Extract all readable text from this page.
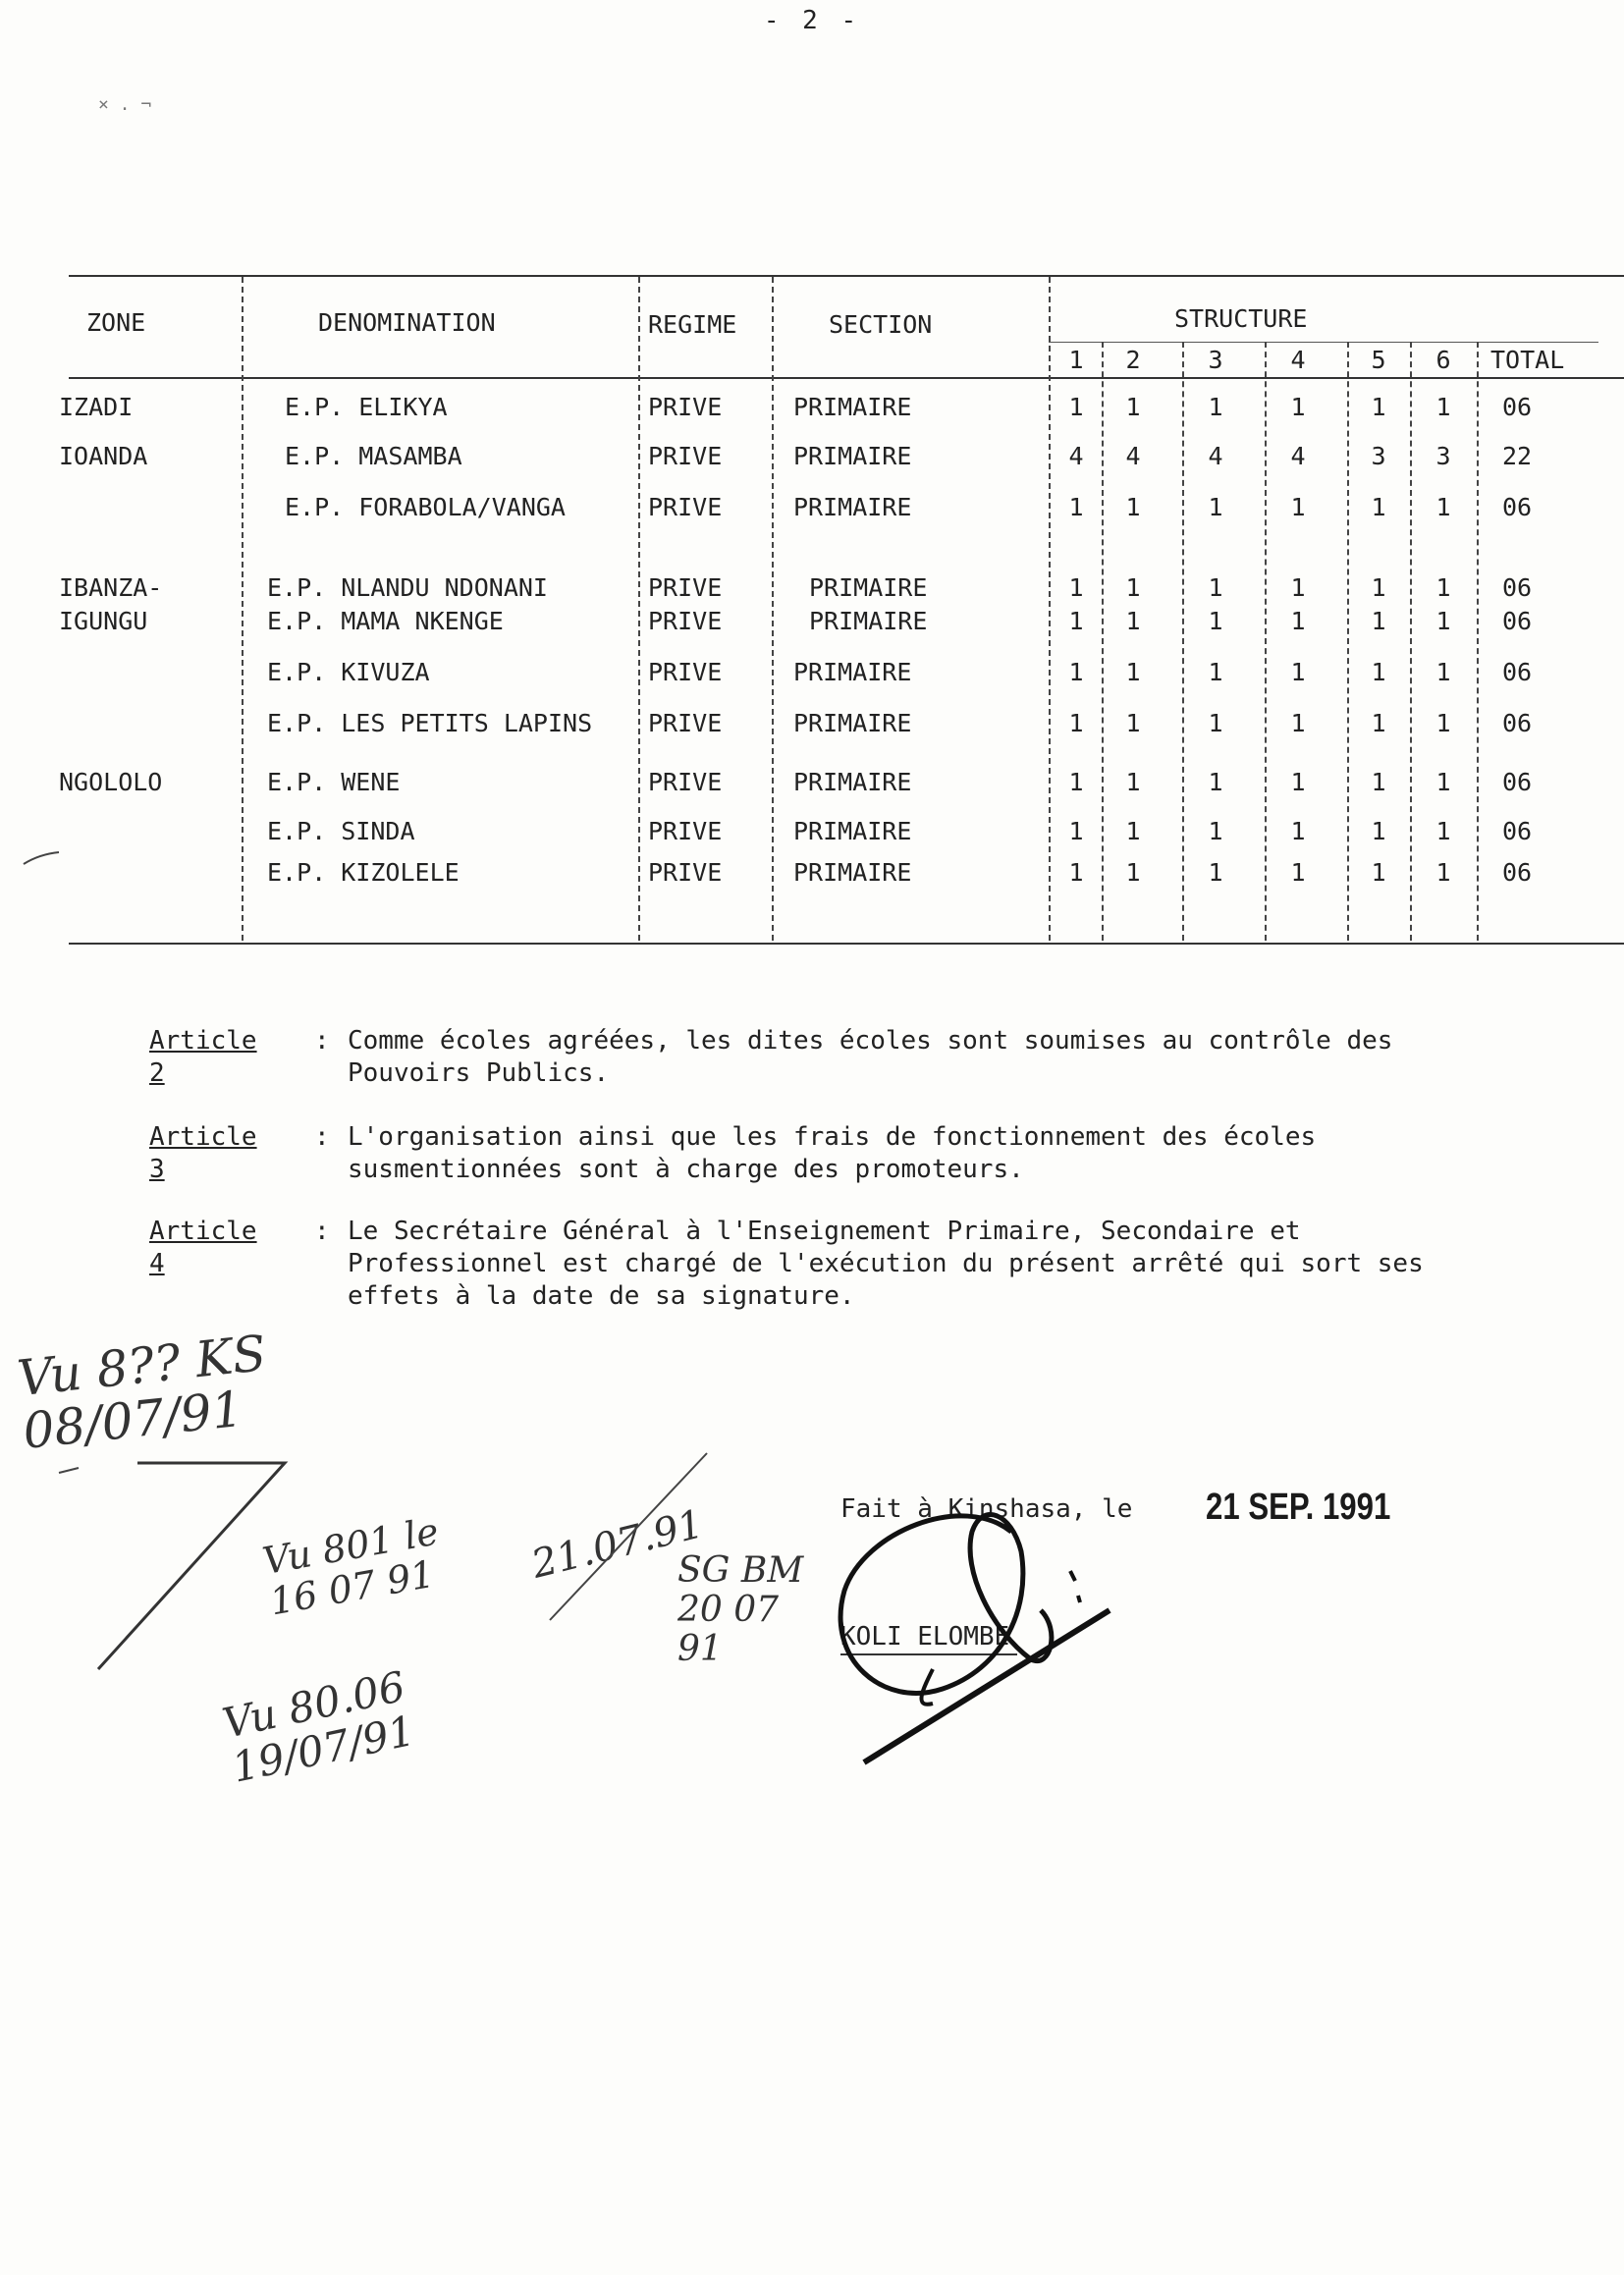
- 2 -
× . ¬
ZONE	DENOMINATION	REGIME	SECTION	STRUCTURE
1	2	3	4	5	6	TOTAL
IZADI	E.P. ELIKYA	PRIVE	PRIMAIRE	1	1	1	1	1	1	06
IOANDA	E.P. MASAMBA	PRIVE	PRIMAIRE	4	4	4	4	3	3	22
E.P. FORABOLA/VANGA	PRIVE	PRIMAIRE	1	1	1	1	1	1	06
IBANZA-	E.P. NLANDU NDONANI	PRIVE	PRIMAIRE	1	1	1	1	1	1	06
IGUNGU	E.P. MAMA NKENGE	PRIVE	PRIMAIRE	1	1	1	1	1	1	06
E.P. KIVUZA	PRIVE	PRIMAIRE	1	1	1	1	1	1	06
E.P. LES PETITS LAPINS PRIVE	PRIMAIRE	1	1	1	1	1	1	06
NGOLOLO	E.P. WENE	PRIVE	PRIMAIRE	1	1	1	1	1	1	06
E.P. SINDA	PRIVE	PRIMAIRE	1	1	1	1	1	1	06
E.P. KIZOLELE	PRIVE	PRIMAIRE	1	1	1	1	1	1	06
Article 2
: Comme écoles agréées, les dites écoles sont soumises au contrôle des
Pouvoirs Publics.
Article 3
: L'organisation ainsi que les frais de fonctionnement des écoles
susmentionnées sont à charge des promoteurs.
Article 4
: Le Secrétaire Général à l'Enseignement Primaire, Secondaire et
Professionnel est chargé de l'exécution du présent arrêté qui sort ses
effets à la date de sa signature.
Vu 8?? KS 08/07/91
Vu 801 le 16 07 91
21.07.91
SG BM 20 07 91
Vu 80.06 19/07/91
Fait à Kinshasa, le 21 SEP. 1991
KOLI ELOMBE
